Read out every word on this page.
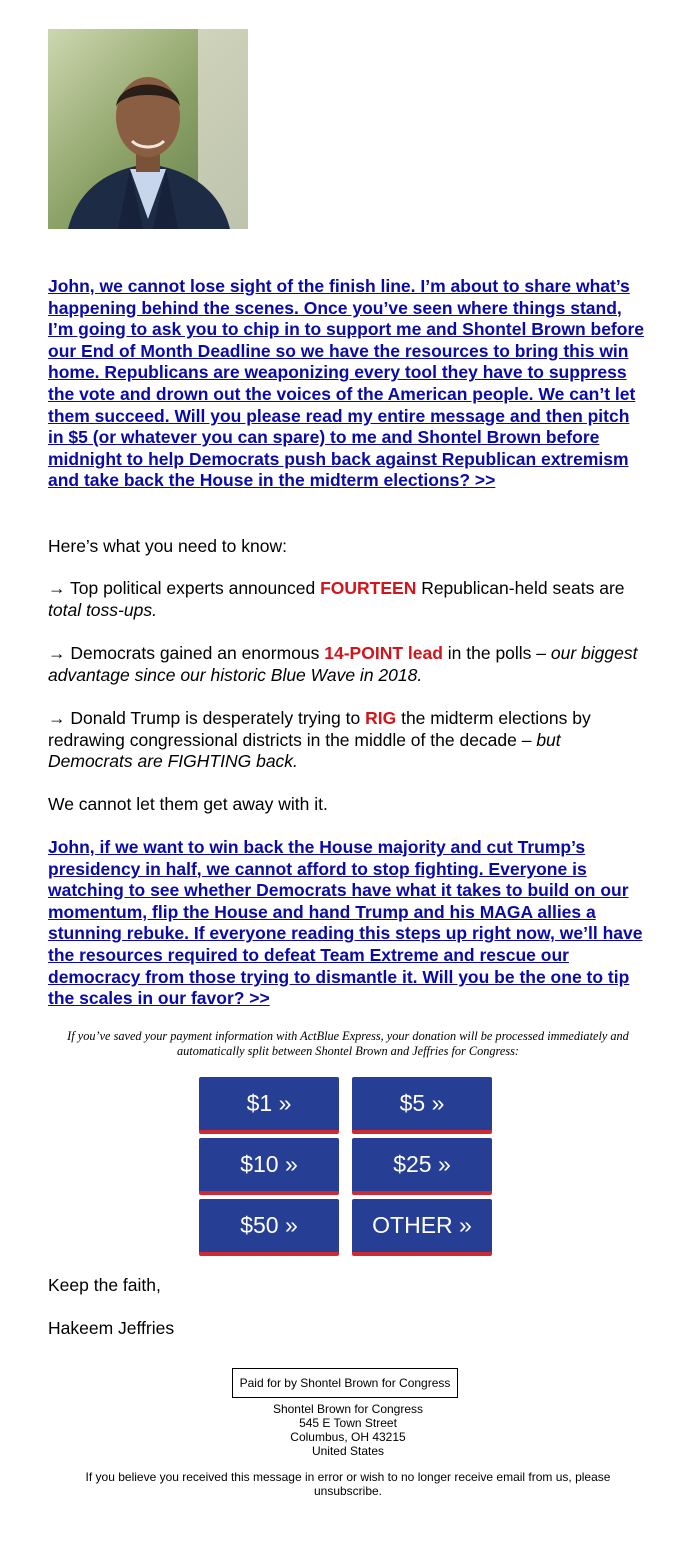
John, we cannot lose sight of the finish line. I’m about to share what’s happening behind the scenes. Once you’ve seen where things stand, I’m going to ask you to chip in to support me and Shontel Brown before our End of Month Deadline so we have the resources to bring this win home. Republicans are weaponizing every tool they have to suppress the vote and drown out the voices of the American people. We can’t let them succeed. Will you please read my entire message and then pitch in $5 (or whatever you can spare) to me and Shontel Brown before midnight to help Democrats push back against Republican extremism and take back the House in the midterm elections? >>
Here’s what you need to know:
→ Top political experts announced FOURTEEN Republican-held seats are total toss-ups.
→ Democrats gained an enormous 14-POINT lead in the polls – our biggest advantage since our historic Blue Wave in 2018.
→ Donald Trump is desperately trying to RIG the midterm elections by redrawing congressional districts in the middle of the decade – but Democrats are FIGHTING back.
We cannot let them get away with it.
John, if we want to win back the House majority and cut Trump’s presidency in half, we cannot afford to stop fighting. Everyone is watching to see whether Democrats have what it takes to build on our momentum, flip the House and hand Trump and his MAGA allies a stunning rebuke. If everyone reading this steps up right now, we’ll have the resources required to defeat Team Extreme and rescue our democracy from those trying to dismantle it. Will you be the one to tip the scales in our favor? >>
If you’ve saved your payment information with ActBlue Express, your donation will be processed immediately and automatically split between Shontel Brown and Jeffries for Congress:
$1 »	$5 »
$10 »	$25 »
$50 »	OTHER »
Keep the faith,
Hakeem Jeffries
Paid for by Shontel Brown for Congress
Shontel Brown for Congress
545 E Town Street
Columbus, OH 43215
United States
If you believe you received this message in error or wish to no longer receive email from us, please unsubscribe.
